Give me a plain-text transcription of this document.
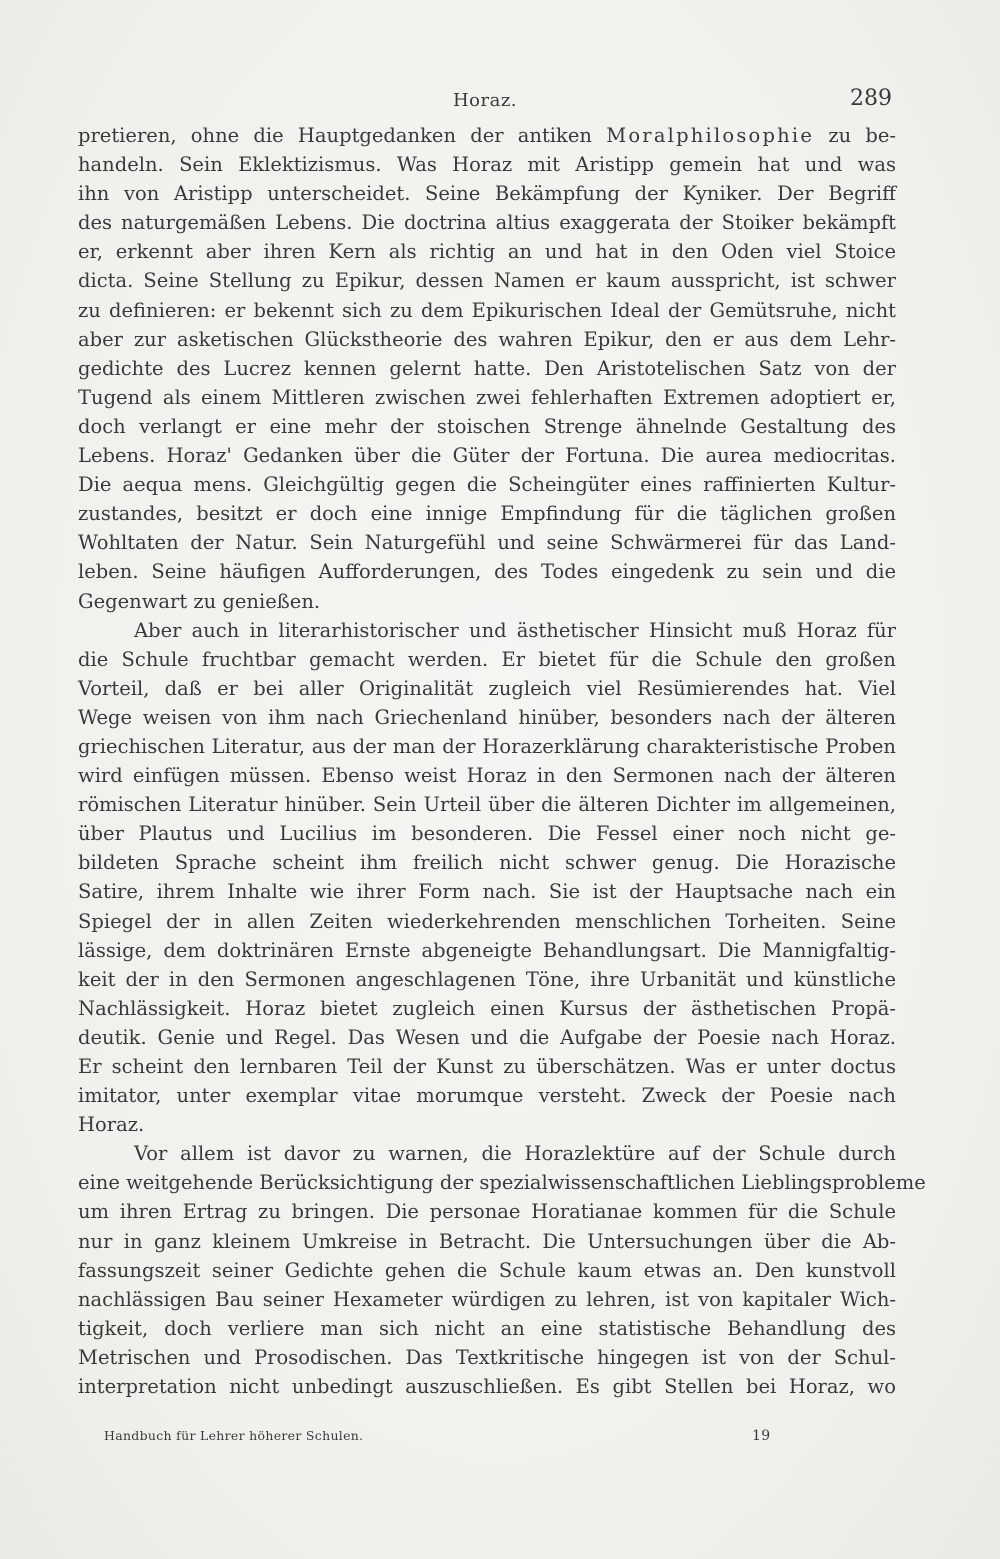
Horaz.	289
pretieren, ohne die Hauptgedanken der antiken Moralphilosophie zu be-
handeln. Sein Eklektizismus. Was Horaz mit Aristipp gemein hat und was
ihn von Aristipp unterscheidet. Seine Bekämpfung der Kyniker. Der Begriff
des naturgemäßen Lebens. Die doctrina altius exaggerata der Stoiker bekämpft
er, erkennt aber ihren Kern als richtig an und hat in den Oden viel Stoice
dicta. Seine Stellung zu Epikur, dessen Namen er kaum ausspricht, ist schwer
zu definieren: er bekennt sich zu dem Epikurischen Ideal der Gemütsruhe, nicht
aber zur asketischen Glückstheorie des wahren Epikur, den er aus dem Lehr-
gedichte des Lucrez kennen gelernt hatte. Den Aristotelischen Satz von der
Tugend als einem Mittleren zwischen zwei fehlerhaften Extremen adoptiert er,
doch verlangt er eine mehr der stoischen Strenge ähnelnde Gestaltung des
Lebens. Horaz' Gedanken über die Güter der Fortuna. Die aurea mediocritas.
Die aequa mens. Gleichgültig gegen die Scheingüter eines raffinierten Kultur-
zustandes, besitzt er doch eine innige Empfindung für die täglichen großen
Wohltaten der Natur. Sein Naturgefühl und seine Schwärmerei für das Land-
leben. Seine häufigen Aufforderungen, des Todes eingedenk zu sein und die
Gegenwart zu genießen.
Aber auch in literarhistorischer und ästhetischer Hinsicht muß Horaz für
die Schule fruchtbar gemacht werden. Er bietet für die Schule den großen
Vorteil, daß er bei aller Originalität zugleich viel Resümierendes hat. Viel
Wege weisen von ihm nach Griechenland hinüber, besonders nach der älteren
griechischen Literatur, aus der man der Horazerklärung charakteristische Proben
wird einfügen müssen. Ebenso weist Horaz in den Sermonen nach der älteren
römischen Literatur hinüber. Sein Urteil über die älteren Dichter im allgemeinen,
über Plautus und Lucilius im besonderen. Die Fessel einer noch nicht ge-
bildeten Sprache scheint ihm freilich nicht schwer genug. Die Horazische
Satire, ihrem Inhalte wie ihrer Form nach. Sie ist der Hauptsache nach ein
Spiegel der in allen Zeiten wiederkehrenden menschlichen Torheiten. Seine
lässige, dem doktrinären Ernste abgeneigte Behandlungsart. Die Mannigfaltig-
keit der in den Sermonen angeschlagenen Töne, ihre Urbanität und künstliche
Nachlässigkeit. Horaz bietet zugleich einen Kursus der ästhetischen Propä-
deutik. Genie und Regel. Das Wesen und die Aufgabe der Poesie nach Horaz.
Er scheint den lernbaren Teil der Kunst zu überschätzen. Was er unter doctus
imitator, unter exemplar vitae morumque versteht. Zweck der Poesie nach
Horaz.
Vor allem ist davor zu warnen, die Horazlektüre auf der Schule durch
eine weitgehende Berücksichtigung der spezialwissenschaftlichen Lieblingsprobleme
um ihren Ertrag zu bringen. Die personae Horatianae kommen für die Schule
nur in ganz kleinem Umkreise in Betracht. Die Untersuchungen über die Ab-
fassungszeit seiner Gedichte gehen die Schule kaum etwas an. Den kunstvoll
nachlässigen Bau seiner Hexameter würdigen zu lehren, ist von kapitaler Wich-
tigkeit, doch verliere man sich nicht an eine statistische Behandlung des
Metrischen und Prosodischen. Das Textkritische hingegen ist von der Schul-
interpretation nicht unbedingt auszuschließen. Es gibt Stellen bei Horaz, wo
Handbuch für Lehrer höherer Schulen.	19
